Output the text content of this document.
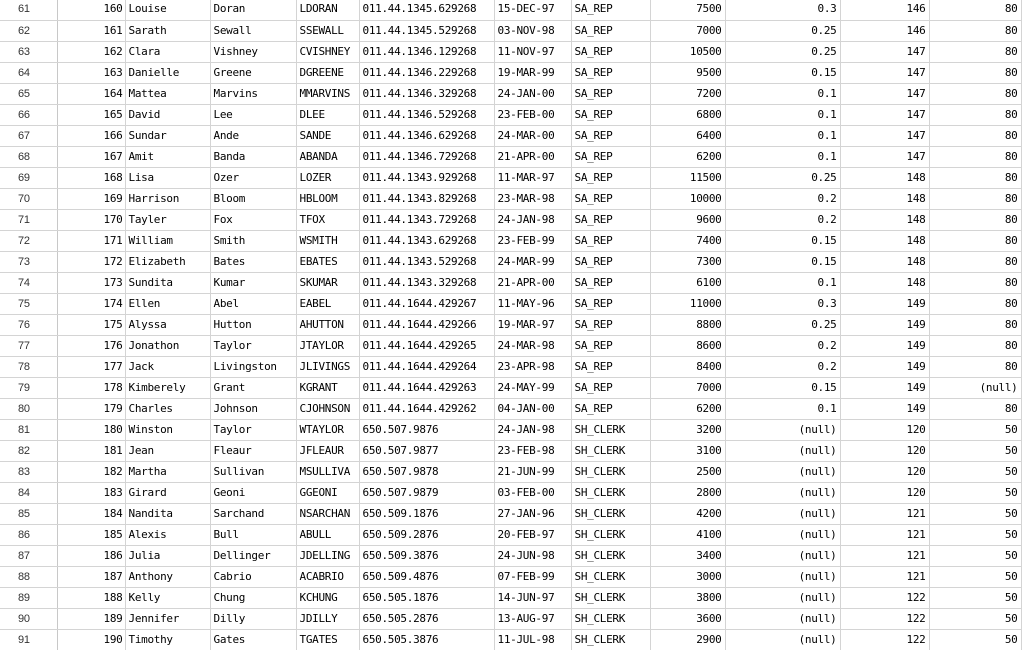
61	160	Louise	Doran	LDORAN	011.44.1345.629268	15-DEC-97	SA_REP	7500	0.3	146	80
62	161	Sarath	Sewall	SSEWALL	011.44.1345.529268	03-NOV-98	SA_REP	7000	0.25	146	80
63	162	Clara	Vishney	CVISHNEY	011.44.1346.129268	11-NOV-97	SA_REP	10500	0.25	147	80
64	163	Danielle	Greene	DGREENE	011.44.1346.229268	19-MAR-99	SA_REP	9500	0.15	147	80
65	164	Mattea	Marvins	MMARVINS	011.44.1346.329268	24-JAN-00	SA_REP	7200	0.1	147	80
66	165	David	Lee	DLEE	011.44.1346.529268	23-FEB-00	SA_REP	6800	0.1	147	80
67	166	Sundar	Ande	SANDE	011.44.1346.629268	24-MAR-00	SA_REP	6400	0.1	147	80
68	167	Amit	Banda	ABANDA	011.44.1346.729268	21-APR-00	SA_REP	6200	0.1	147	80
69	168	Lisa	Ozer	LOZER	011.44.1343.929268	11-MAR-97	SA_REP	11500	0.25	148	80
70	169	Harrison	Bloom	HBLOOM	011.44.1343.829268	23-MAR-98	SA_REP	10000	0.2	148	80
71	170	Tayler	Fox	TFOX	011.44.1343.729268	24-JAN-98	SA_REP	9600	0.2	148	80
72	171	William	Smith	WSMITH	011.44.1343.629268	23-FEB-99	SA_REP	7400	0.15	148	80
73	172	Elizabeth	Bates	EBATES	011.44.1343.529268	24-MAR-99	SA_REP	7300	0.15	148	80
74	173	Sundita	Kumar	SKUMAR	011.44.1343.329268	21-APR-00	SA_REP	6100	0.1	148	80
75	174	Ellen	Abel	EABEL	011.44.1644.429267	11-MAY-96	SA_REP	11000	0.3	149	80
76	175	Alyssa	Hutton	AHUTTON	011.44.1644.429266	19-MAR-97	SA_REP	8800	0.25	149	80
77	176	Jonathon	Taylor	JTAYLOR	011.44.1644.429265	24-MAR-98	SA_REP	8600	0.2	149	80
78	177	Jack	Livingston	JLIVINGS	011.44.1644.429264	23-APR-98	SA_REP	8400	0.2	149	80
79	178	Kimberely	Grant	KGRANT	011.44.1644.429263	24-MAY-99	SA_REP	7000	0.15	149	(null)
80	179	Charles	Johnson	CJOHNSON	011.44.1644.429262	04-JAN-00	SA_REP	6200	0.1	149	80
81	180	Winston	Taylor	WTAYLOR	650.507.9876	24-JAN-98	SH_CLERK	3200	(null)	120	50
82	181	Jean	Fleaur	JFLEAUR	650.507.9877	23-FEB-98	SH_CLERK	3100	(null)	120	50
83	182	Martha	Sullivan	MSULLIVA	650.507.9878	21-JUN-99	SH_CLERK	2500	(null)	120	50
84	183	Girard	Geoni	GGEONI	650.507.9879	03-FEB-00	SH_CLERK	2800	(null)	120	50
85	184	Nandita	Sarchand	NSARCHAN	650.509.1876	27-JAN-96	SH_CLERK	4200	(null)	121	50
86	185	Alexis	Bull	ABULL	650.509.2876	20-FEB-97	SH_CLERK	4100	(null)	121	50
87	186	Julia	Dellinger	JDELLING	650.509.3876	24-JUN-98	SH_CLERK	3400	(null)	121	50
88	187	Anthony	Cabrio	ACABRIO	650.509.4876	07-FEB-99	SH_CLERK	3000	(null)	121	50
89	188	Kelly	Chung	KCHUNG	650.505.1876	14-JUN-97	SH_CLERK	3800	(null)	122	50
90	189	Jennifer	Dilly	JDILLY	650.505.2876	13-AUG-97	SH_CLERK	3600	(null)	122	50
91	190	Timothy	Gates	TGATES	650.505.3876	11-JUL-98	SH_CLERK	2900	(null)	122	50
